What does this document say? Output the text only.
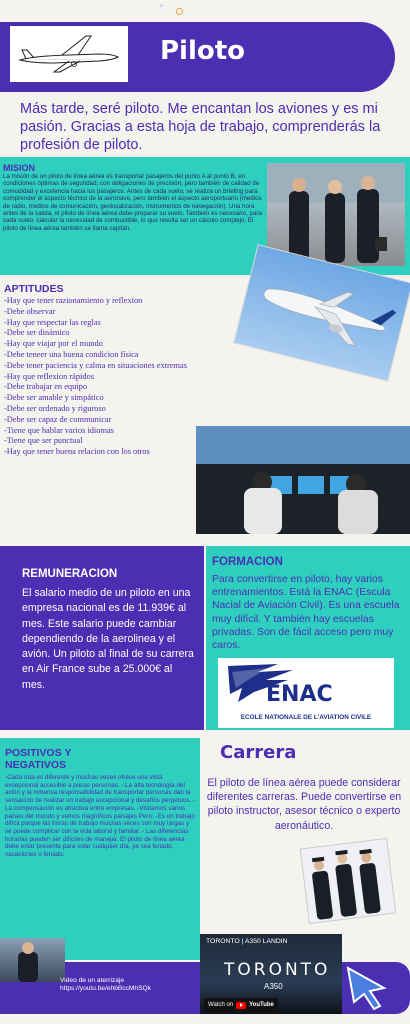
Piloto
Más tarde, seré piloto. Me encantan los aviones y es mi pasión. Gracias a esta hoja de trabajo, comprenderás la profesión de piloto.
MISION
La misión de un piloto de línea aérea es transportar pasajeros del punto A al punto B, en condiciones óptimas de seguridad, con obligaciones de precisión, pero también de calidad de comodidad y excelencia hacia los pasajeros. Antes de cada vuelo, se realiza un briefing para comprender el aspecto técnico de la aeronave, pero también el aspecto aeroportuario (medios de radio, medios de comunicación, geolocalización, instrumentos de navegación). Una hora antes de la salida, el piloto de línea aérea debe preparar su vuelo. También es necesario, para cada vuelo, calcular la necesidad de combustible, lo que resulta ser un cálculo complejo. El piloto de línea aérea también se llama capitán.
APTITUDES
-Hay que tener razionamiento y reflexion
-Debe observar
-Hay que respectar las reglas
-Debe ser dinámico
-Hay que viajar por el mundo
-Debe teneer una buena condicion física
-Debe tener paciencia y calma en situaciones extremas
-Hay que reflexion rápidos
-Debe trabajar en equipo
-Debe ser amable y simpático
-Debe ser ordenado y riguroso
-Debe ser capaz de communicar
-Tiene que hablar varios idiomas
-Tiene que ser punctual
-Hay que tener buena relacion con los otros
REMUNERACION
El salario medio de un piloto en una empresa nacional es de 11.939€ al mes. Este salario puede cambiar dependiendo de la aerolinea y el avión. Un piloto al final de su carrera en Air France sube a 25.000€ al mes.
FORMACION
Para convertirse en piloto, hay varios entrenamientos. Está la ENAC (Escula Nacial de Aviación Civil). Es una escuela muy difícil. Y también hay escuelas privadas. Son de fácil acceso pero muy caros.
ENAC
ECOLE NATIONALE DE L'AVIATION CIVILE
POSITIVOS Y
NEGATIVOS
-Cada ruta es diferente y muchas veces ofrece una vista excepcional accesible a pocas personas. - La alta tecnología del avión y la inmensa responsabilidad de transportar personas dan la sensación de realizar un trabajo excepcional y desafíos perpetuos. -La compensación es atractiva entre empresas. -Visitamos varios países del mundo y vemos magníficos paisajes Pero: -Es un trabajo difícil porque las horas de trabajo muchas veces son muy largas y se puede complicar con la vida laboral y familiar. - Las diferencias horarias pueden ser difíciles de manejar. El piloto de línea aérea debe estar presente para volar cualquier día, ya sea feriado, vacaciones o feriado.
Carrera
El piloto de línea aérea puede considerar diferentes carreras. Puede convertirse en piloto instructor, asesor técnico o experto aeronáutico.
Video de un aterrizaje
https://youtu.be/ehbBccMhSQk
TORONTO | A350 LANDIN
TORONTO
A350
Watch on	YouTube
